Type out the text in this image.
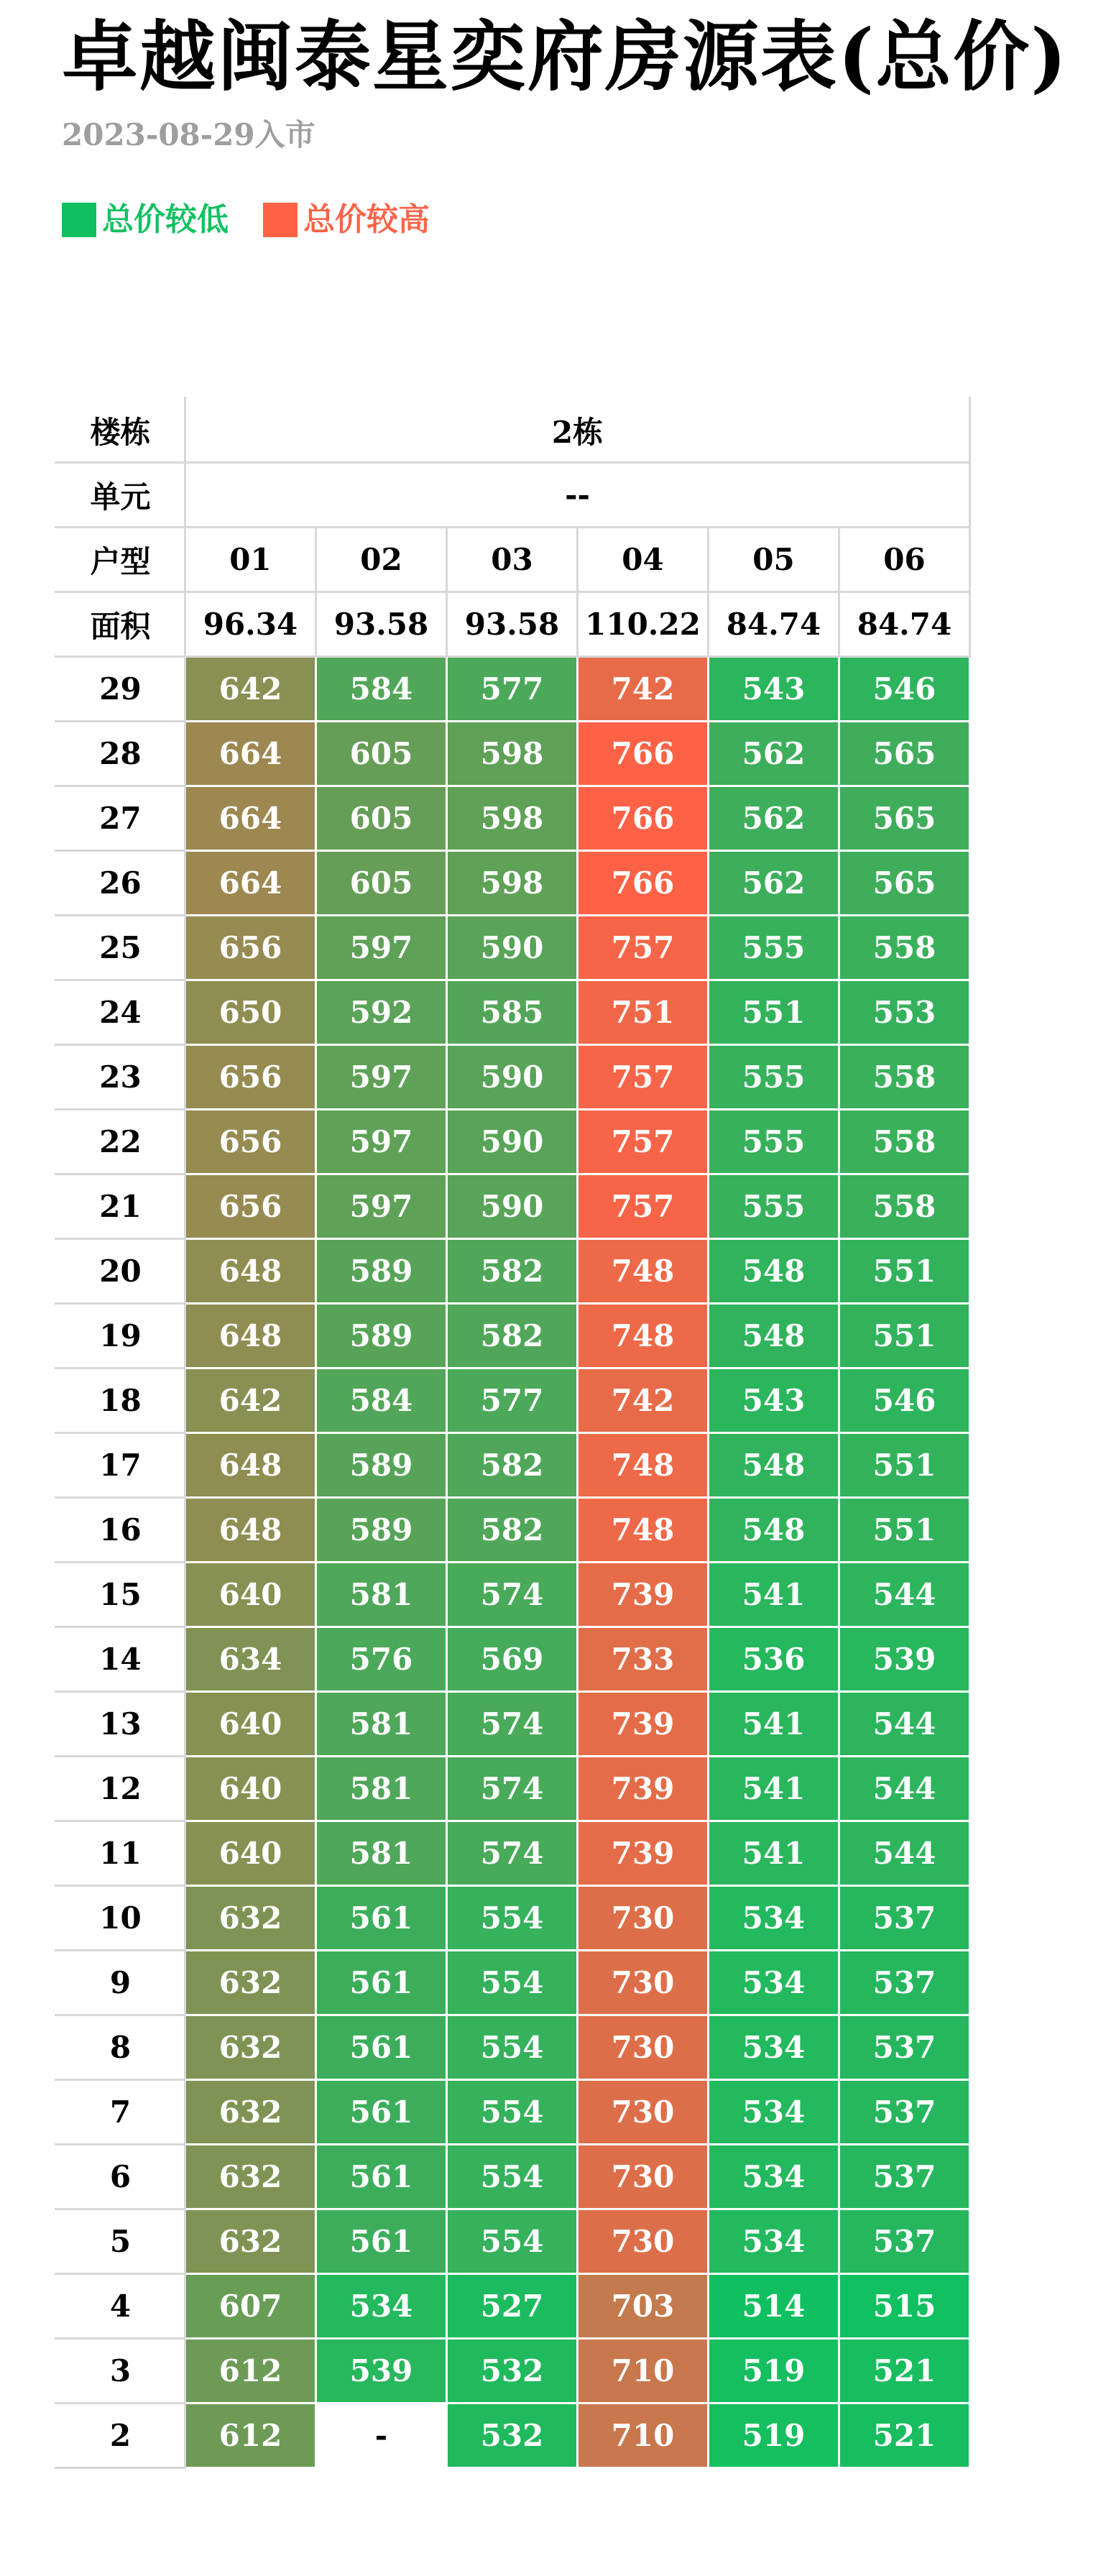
卓越闽泰星奕府房源表(总价)
2023-08-29入市
总价较低 总价较高
楼栋	2栋					
单元	--					
户型	01	02	03	04	05	06
面积	96.34	93.58	93.58	110.22	84.74	84.74
29	642	584	577	742	543	546
28	664	605	598	766	562	565
27	664	605	598	766	562	565
26	664	605	598	766	562	565
25	656	597	590	757	555	558
24	650	592	585	751	551	553
23	656	597	590	757	555	558
22	656	597	590	757	555	558
21	656	597	590	757	555	558
20	648	589	582	748	548	551
19	648	589	582	748	548	551
18	642	584	577	742	543	546
17	648	589	582	748	548	551
16	648	589	582	748	548	551
15	640	581	574	739	541	544
14	634	576	569	733	536	539
13	640	581	574	739	541	544
12	640	581	574	739	541	544
11	640	581	574	739	541	544
10	632	561	554	730	534	537
9	632	561	554	730	534	537
8	632	561	554	730	534	537
7	632	561	554	730	534	537
6	632	561	554	730	534	537
5	632	561	554	730	534	537
4	607	534	527	703	514	515
3	612	539	532	710	519	521
2	612	-	532	710	519	521
